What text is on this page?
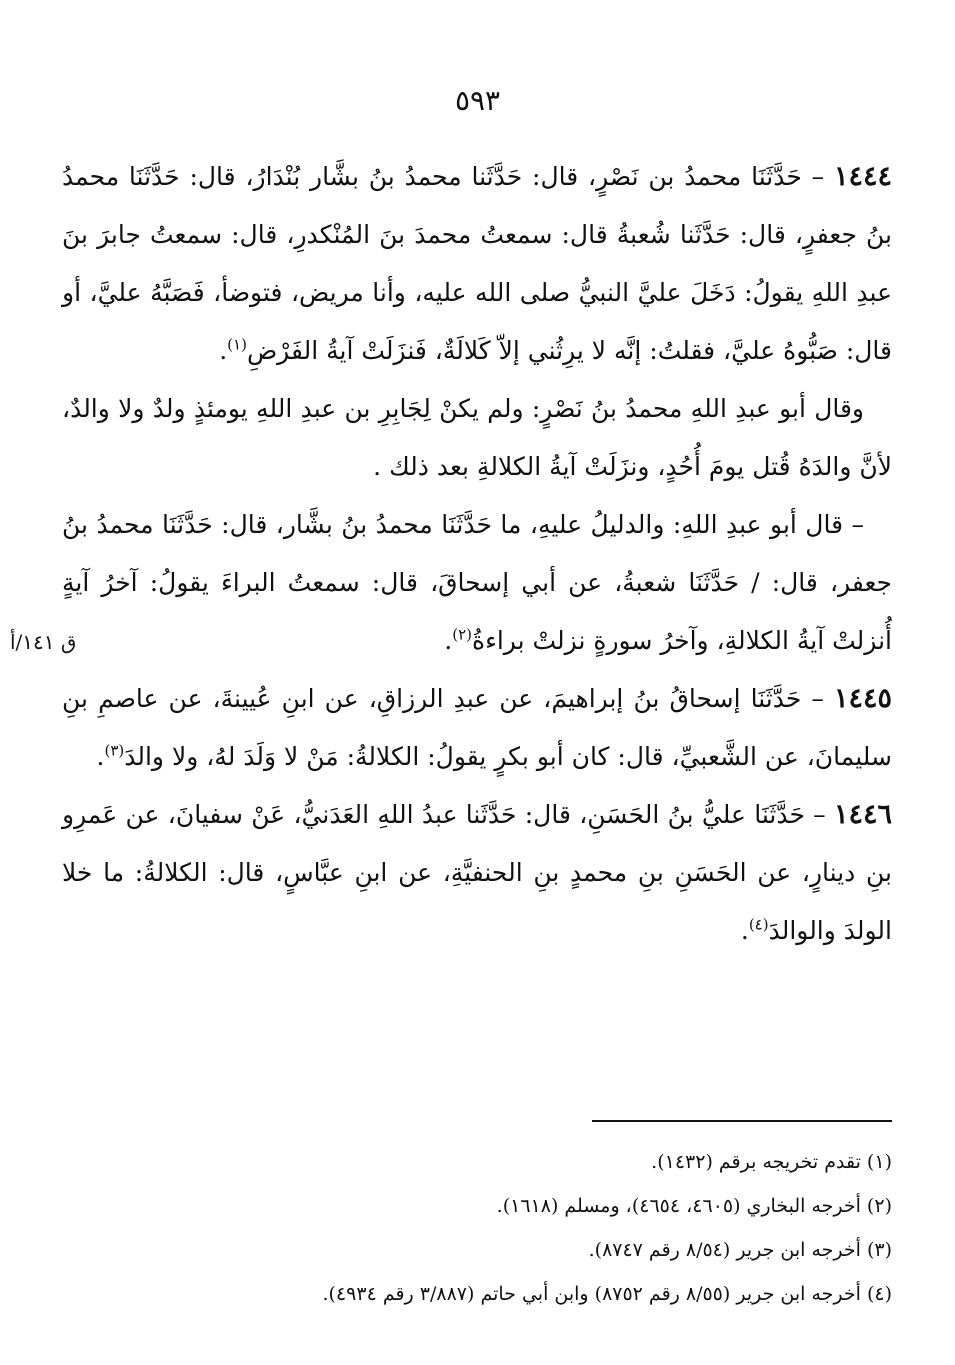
٥٩٣
ق ١٤١/أ

١٤٤٤ – حَدَّثَنَا محمدُ بن نَصْرٍ، قال: حَدَّثَنا محمدُ بنُ بشَّار بُنْدَارُ، قال: حَدَّثَنَا محمدُ بنُ جعفرٍ، قال: حَدَّثَنا شُعبةُ قال: سمعتُ محمدَ بنَ المُنْكدرِ، قال: سمعتُ جابرَ بنَ عبدِ اللهِ يقولُ: دَخَلَ عليَّ النبيُّ صلى الله عليه، وأنا مريض، فتوضأ، فَصَبَّهُ عليَّ، أو قال: صَبُّوهُ عليَّ، فقلتُ: إنَّه لا يرِثُني إلاّ كَلالَةٌ، فَنزَلَتْ آيةُ الفَرْضِ$^{(١)}$.

وقال أبو عبدِ اللهِ محمدُ بنُ نَصْرٍ: ولم يكنْ لِجَابِرِ بن عبدِ اللهِ يومئذٍ ولدٌ ولا والدٌ، لأنَّ والدَهُ قُتل يومَ أُحُدٍ، ونزَلَتْ آيةُ الكلالةِ بعد ذلك .

– قال أبو عبدِ اللهِ: والدليلُ عليهِ، ما حَدَّثَنَا محمدُ بنُ بشَّار، قال: حَدَّثَنَا محمدُ بنُ جعفر، قال: / حَدَّثَنَا شعبةُ، عن أبي إسحاقَ، قال: سمعتُ البراءَ يقولُ: آخرُ آيةٍ أُنزلتْ آيةُ الكلالةِ، وآخرُ سورةٍ نزلتْ براءةُ$^{(٢)}$.

١٤٤٥ – حَدَّثَنَا إسحاقُ بنُ إبراهيمَ، عن عبدِ الرزاقِ، عن ابنِ عُيينةَ، عن عاصمِ بنِ سليمانَ، عن الشَّعبيِّ، قال: كان أبو بكرٍ يقولُ: الكلالةُ: مَنْ لا وَلَدَ لهُ، ولا والدَ$^{(٣)}$.

١٤٤٦ – حَدَّثَنَا عليُّ بنُ الحَسَنِ، قال: حَدَّثَنا عبدُ اللهِ العَدَنيُّ، عَنْ سفيانَ، عن عَمرِو بنِ دينارٍ، عن الحَسَنِ بنِ محمدٍ بنِ الحنفيَّةِ، عن ابنِ عبَّاسٍ، قال: الكلالةُ: ما خلا الولدَ والوالدَ$^{(٤)}$.

(١) تقدم تخريجه برقم (١٤٣٢).
(٢) أخرجه البخاري (٤٦٠٥، ٤٦٥٤)، ومسلم (١٦١٨).
(٣) أخرجه ابن جرير (٨/٥٤ رقم ٨٧٤٧).
(٤) أخرجه ابن جرير (٨/٥٥ رقم ٨٧٥٢) وابن أبي حاتم (٣/٨٨٧ رقم ٤٩٣٤).
